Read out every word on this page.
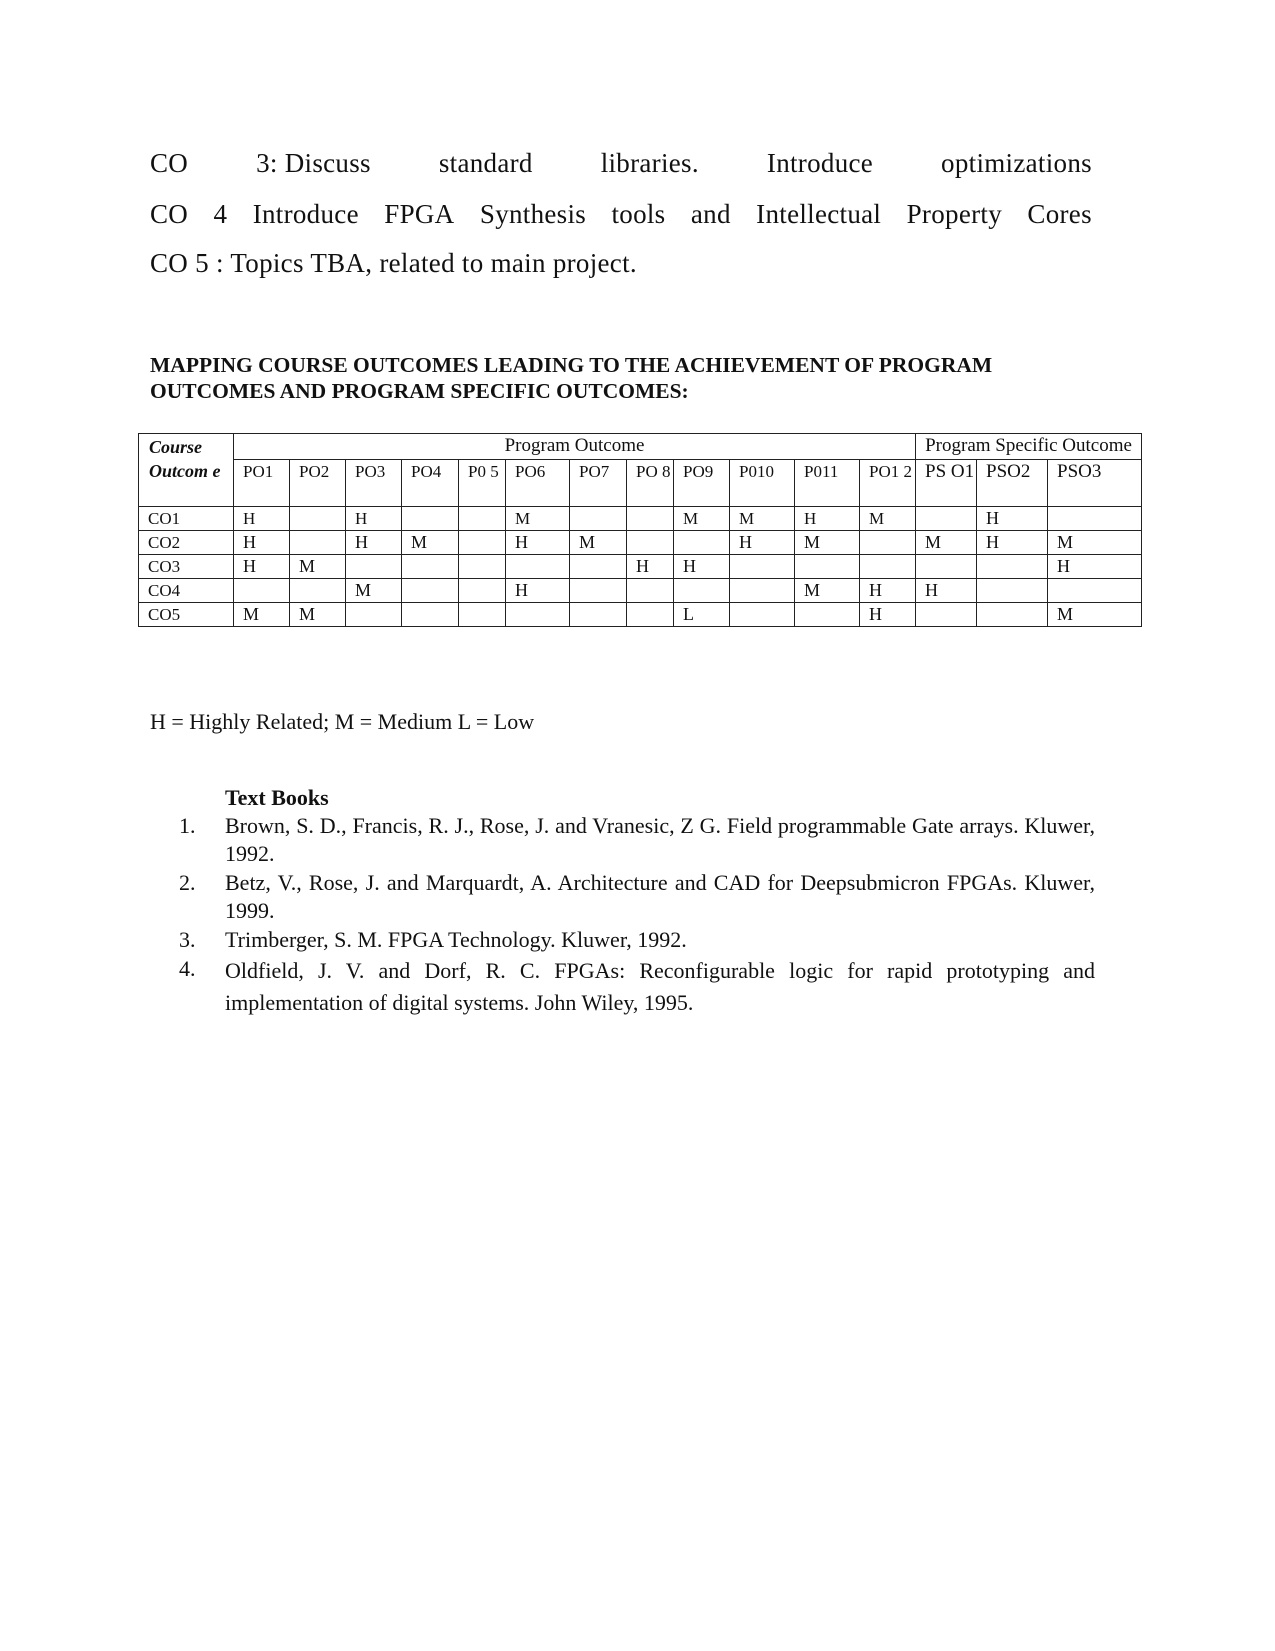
CO	3: Discuss	standard	libraries.	Introduce	optimizations
CO 4 Introduce FPGA Synthesis tools and Intellectual Property Cores
CO 5 : Topics TBA, related to main project.
MAPPING COURSE OUTCOMES LEADING TO THE ACHIEVEMENT OF PROGRAM
OUTCOMES AND PROGRAM SPECIFIC OUTCOMES:
Course Outcom e	Program Outcome												Program Specific Outcome		
	PO1	PO2	PO3	PO4	P0 5	PO6	PO7	PO 8	PO9	P010	P011	PO1 2	PS O1	PSO2	PSO3
CO1	H		H			M			M	M	H	M		H	
CO2	H		H	M		H	M			H	M		M	H	M
CO3	H	M						H	H						H
CO4			M			H					M	H	H		
CO5	M	M							L			H			M
H = Highly Related; M = Medium L = Low
Text Books
1. Brown, S. D., Francis, R. J., Rose, J. and Vranesic, Z G. Field programmable Gate arrays. Kluwer, 1992.
2. Betz, V., Rose, J. and Marquardt, A. Architecture and CAD for Deepsubmicron FPGAs. Kluwer, 1999.
3. Trimberger, S. M. FPGA Technology. Kluwer, 1992.
4. Oldfield, J. V. and Dorf, R. C. FPGAs: Reconfigurable logic for rapid prototyping and implementation of digital systems. John Wiley, 1995.
